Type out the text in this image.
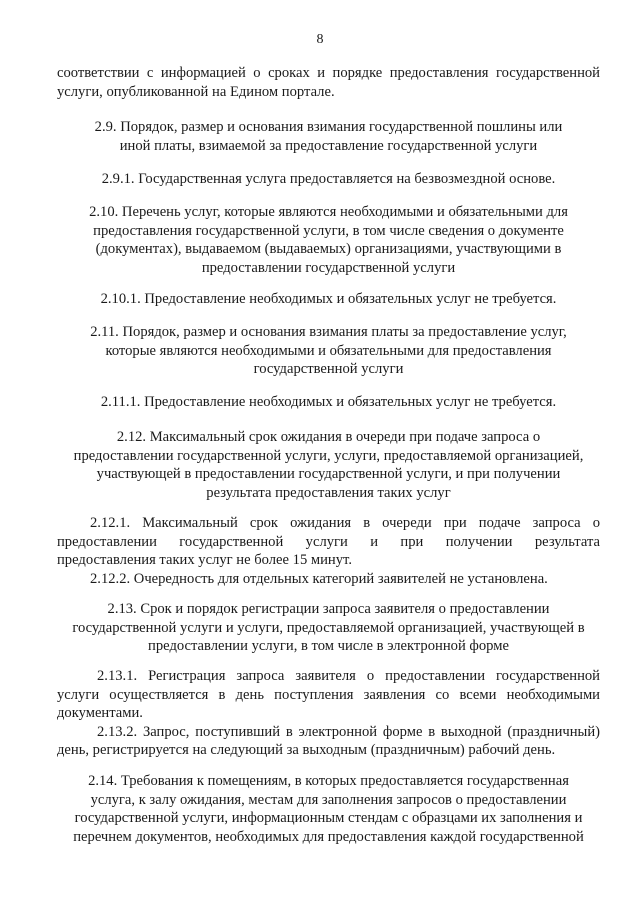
8
соответствии с информацией о сроках и порядке предоставления государственной
услуги, опубликованной на Едином портале.
2.9. Порядок, размер и основания взимания государственной пошлины или
иной платы, взимаемой за предоставление государственной услуги
2.9.1. Государственная услуга предоставляется на безвозмездной основе.
2.10. Перечень услуг, которые являются необходимыми и обязательными для
предоставления государственной услуги, в том числе сведения о документе
(документах), выдаваемом (выдаваемых) организациями, участвующими в
предоставлении государственной услуги
2.10.1. Предоставление необходимых и обязательных услуг не требуется.
2.11. Порядок, размер и основания взимания платы за предоставление услуг,
которые являются необходимыми и обязательными для предоставления
государственной услуги
2.11.1. Предоставление необходимых и обязательных услуг не требуется.
2.12. Максимальный срок ожидания в очереди при подаче запроса о
предоставлении государственной услуги, услуги, предоставляемой организацией,
участвующей в предоставлении государственной услуги, и при получении
результата предоставления таких услуг
2.12.1. Максимальный срок ожидания в очереди при подаче запроса о
предоставлении государственной услуги и при получении результата
предоставления таких услуг не более 15 минут.
2.12.2. Очередность для отдельных категорий заявителей не установлена.
2.13. Срок и порядок регистрации запроса заявителя о предоставлении
государственной услуги и услуги, предоставляемой организацией, участвующей в
предоставлении услуги, в том числе в электронной форме
2.13.1. Регистрация запроса заявителя о предоставлении государственной
услуги осуществляется в день поступления заявления со всеми необходимыми
документами.
2.13.2. Запрос, поступивший в электронной форме в выходной (праздничный)
день, регистрируется на следующий за выходным (праздничным) рабочий день.
2.14. Требования к помещениям, в которых предоставляется государственная
услуга, к залу ожидания, местам для заполнения запросов о предоставлении
государственной услуги, информационным стендам с образцами их заполнения и
перечнем документов, необходимых для предоставления каждой государственной
